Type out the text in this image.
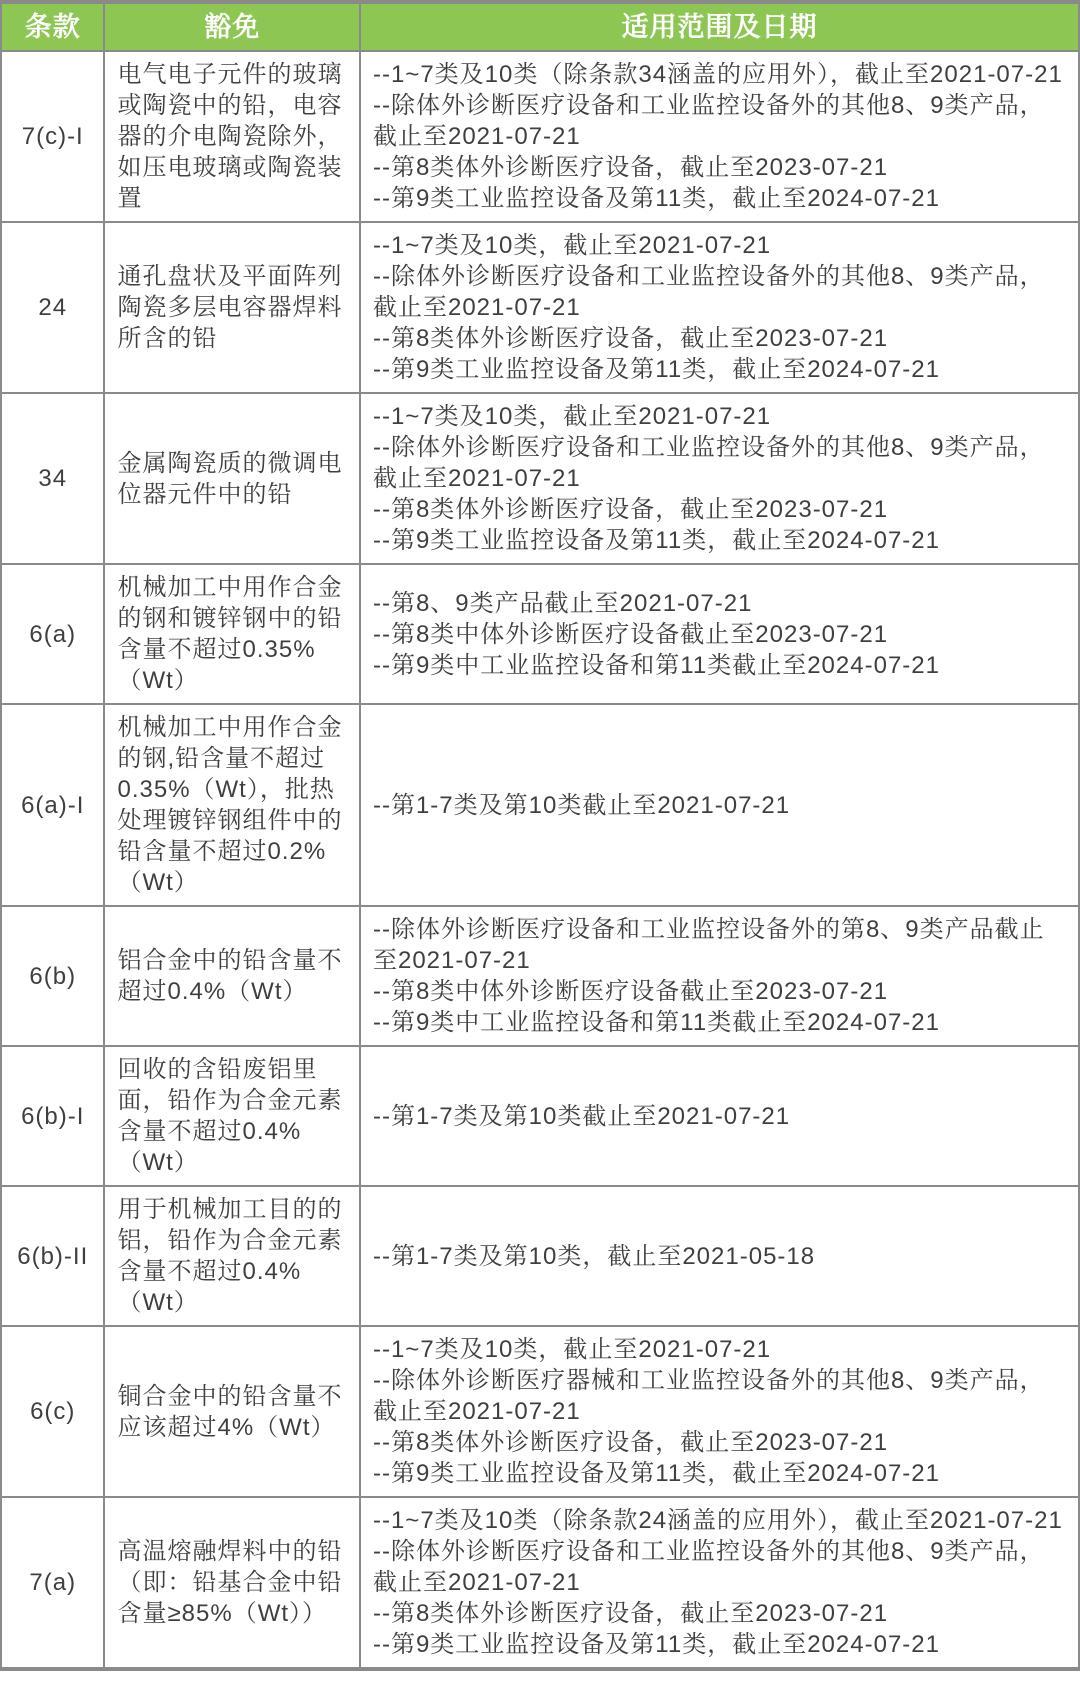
条款	豁免	适用范围及日期
7(c)-I	电气电子元件的玻璃或陶瓷中的铅，电容器的介电陶瓷除外，如压电玻璃或陶瓷装置	--1~7类及10类（除条款34涵盖的应用外），截止至2021-07-21
--除体外诊断医疗设备和工业监控设备外的其他8、9类产品，截止至2021-07-21
--第8类体外诊断医疗设备，截止至2023-07-21
--第9类工业监控设备及第11类，截止至2024-07-21

24	通孔盘状及平面阵列陶瓷多层电容器焊料所含的铅	--1~7类及10类，截止至2021-07-21
--除体外诊断医疗设备和工业监控设备外的其他8、9类产品，截止至2021-07-21
--第8类体外诊断医疗设备，截止至2023-07-21
--第9类工业监控设备及第11类，截止至2024-07-21

34	金属陶瓷质的微调电位器元件中的铅	--1~7类及10类，截止至2021-07-21
--除体外诊断医疗设备和工业监控设备外的其他8、9类产品，截止至2021-07-21
--第8类体外诊断医疗设备，截止至2023-07-21
--第9类工业监控设备及第11类，截止至2024-07-21

6(a)	机械加工中用作合金的钢和镀锌钢中的铅含量不超过0.35%（Wt）	--第8、9类产品截止至2021-07-21
--第8类中体外诊断医疗设备截止至2023-07-21
--第9类中工业监控设备和第11类截止至2024-07-21

6(a)-I	机械加工中用作合金的钢,铅含量不超过0.35%（Wt），批热处理镀锌钢组件中的铅含量不超过0.2%（Wt）	--第1-7类及第10类截止至2021-07-21

6(b)	铝合金中的铅含量不超过0.4%（Wt）	--除体外诊断医疗设备和工业监控设备外的第8、9类产品截止至2021-07-21
--第8类中体外诊断医疗设备截止至2023-07-21
--第9类中工业监控设备和第11类截止至2024-07-21

6(b)-I	回收的含铅废铝里面，铅作为合金元素含量不超过0.4%（Wt）	--第1-7类及第10类截止至2021-07-21

6(b)-II	用于机械加工目的的铝，铅作为合金元素含量不超过0.4%（Wt）	--第1-7类及第10类，截止至2021-05-18

6(c)	铜合金中的铅含量不应该超过4%（Wt）	--1~7类及10类，截止至2021-07-21
--除体外诊断医疗器械和工业监控设备外的其他8、9类产品，截止至2021-07-21
--第8类体外诊断医疗设备，截止至2023-07-21
--第9类工业监控设备及第11类，截止至2024-07-21

7(a)	高温熔融焊料中的铅（即：铅基合金中铅含量≥85%（Wt））	--1~7类及10类（除条款24涵盖的应用外），截止至2021-07-21
--除体外诊断医疗设备和工业监控设备外的其他8、9类产品，截止至2021-07-21
--第8类体外诊断医疗设备，截止至2023-07-21
--第9类工业监控设备及第11类，截止至2024-07-21
